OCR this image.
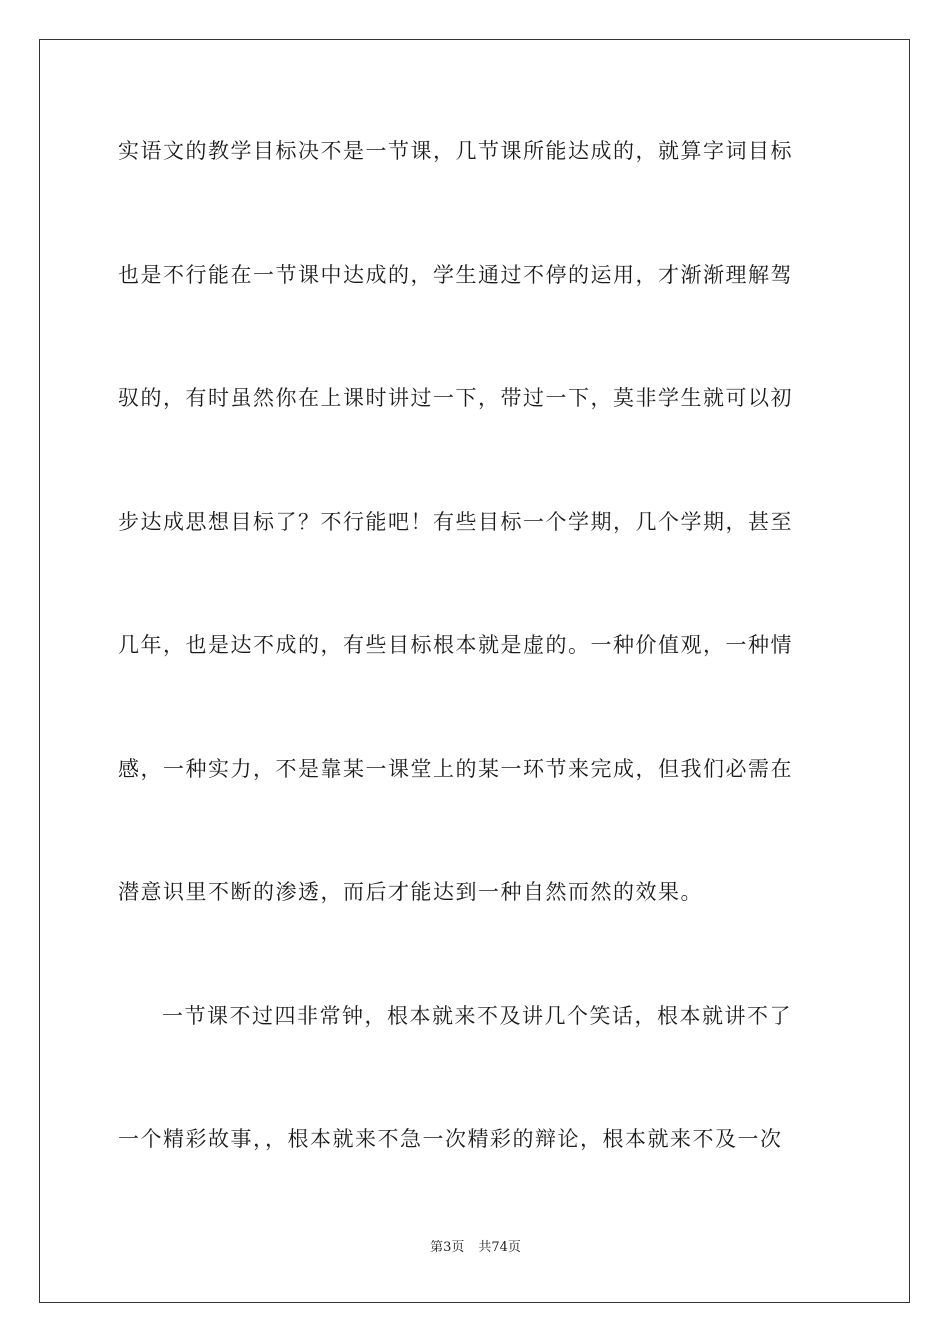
实语文的教学目标决不是一节课，几节课所能达成的，就算字词目标
也是不行能在一节课中达成的，学生通过不停的运用，才渐渐理解驾
驭的，有时虽然你在上课时讲过一下，带过一下，莫非学生就可以初
步达成思想目标了？不行能吧！有些目标一个学期，几个学期，甚至
几年，也是达不成的，有些目标根本就是虚的。一种价值观，一种情
感，一种实力，不是靠某一课堂上的某一环节来完成，但我们必需在
潜意识里不断的渗透，而后才能达到一种自然而然的效果。
一节课不过四非常钟，根本就来不及讲几个笑话，根本就讲不了
一个精彩故事，，根本就来不急一次精彩的辩论，根本就来不及一次
第3页 共74页
